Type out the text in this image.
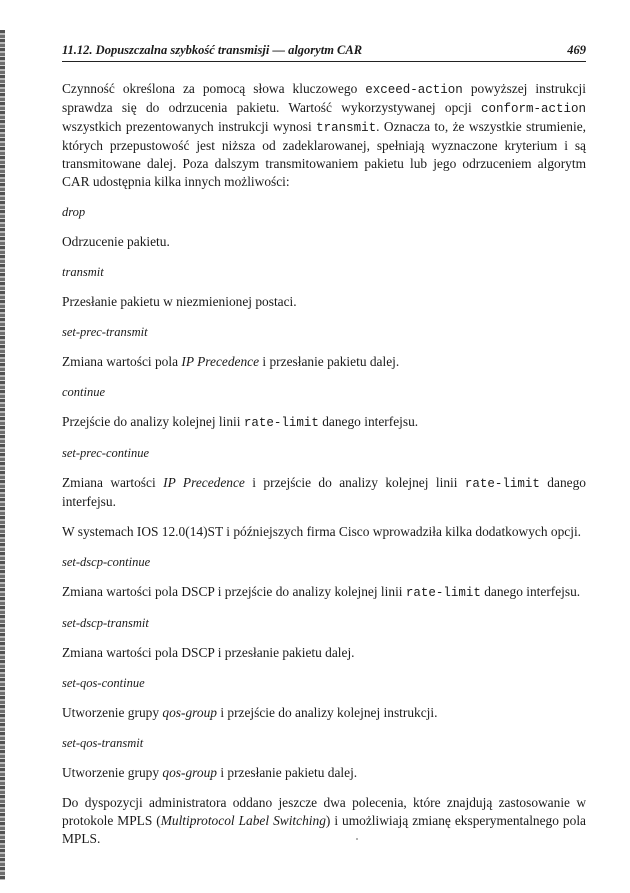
11.12. Dopuszczalna szybkość transmisji — algorytm CAR	469

Czynność określona za pomocą słowa kluczowego exceed-action powyższej instrukcji sprawdza się do odrzucenia pakietu. Wartość wykorzystywanej opcji conform-action wszystkich prezentowanych instrukcji wynosi transmit. Oznacza to, że wszystkie strumienie, których przepustowość jest niższa od zadeklarowanej, spełniają wyznaczone kryterium i są transmitowane dalej. Poza dalszym transmitowaniem pakietu lub jego odrzuceniem algorytm CAR udostępnia kilka innych możliwości:

drop

Odrzucenie pakietu.

transmit

Przesłanie pakietu w niezmienionej postaci.

set-prec-transmit

Zmiana wartości pola IP Precedence i przesłanie pakietu dalej.

continue

Przejście do analizy kolejnej linii rate-limit danego interfejsu.

set-prec-continue

Zmiana wartości IP Precedence i przejście do analizy kolejnej linii rate-limit danego interfejsu.

W systemach IOS 12.0(14)ST i późniejszych firma Cisco wprowadziła kilka dodatkowych opcji.

set-dscp-continue

Zmiana wartości pola DSCP i przejście do analizy kolejnej linii rate-limit danego interfejsu.

set-dscp-transmit

Zmiana wartości pola DSCP i przesłanie pakietu dalej.

set-qos-continue

Utworzenie grupy qos-group i przejście do analizy kolejnej instrukcji.

set-qos-transmit

Utworzenie grupy qos-group i przesłanie pakietu dalej.

Do dyspozycji administratora oddano jeszcze dwa polecenia, które znajdują zastosowanie w protokole MPLS (Multiprotocol Label Switching) i umożliwiają zmianę eksperymentalnego pola MPLS.
